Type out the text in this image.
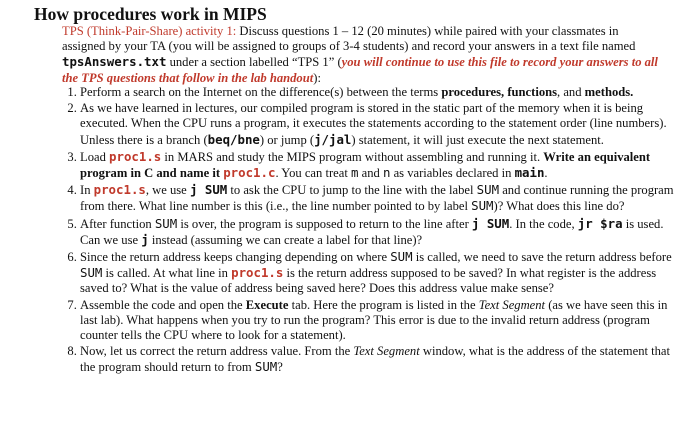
How procedures work in MIPS
TPS (Think-Pair-Share) activity 1: Discuss questions 1 – 12 (20 minutes) while paired with your classmates in assigned by your TA (you will be assigned to groups of 3-4 students) and record your answers in a text file named tpsAnswers.txt under a section labelled “TPS 1” (you will continue to use this file to record your answers to all the TPS questions that follow in the lab handout):
1. Perform a search on the Internet on the difference(s) between the terms procedures, functions, and methods.
2. As we have learned in lectures, our compiled program is stored in the static part of the memory when it is being executed. When the CPU runs a program, it executes the statements according to the statement order (line numbers). Unless there is a branch (beq/bne) or jump (j/jal) statement, it will just execute the next statement.
3. Load proc1.s in MARS and study the MIPS program without assembling and running it. Write an equivalent program in C and name it proc1.c. You can treat m and n as variables declared in main.
4. In proc1.s, we use j SUM to ask the CPU to jump to the line with the label SUM and continue running the program from there. What line number is this (i.e., the line number pointed to by label SUM)? What does this line do?
5. After function SUM is over, the program is supposed to return to the line after j SUM. In the code, jr $ra is used. Can we use j instead (assuming we can create a label for that line)?
6. Since the return address keeps changing depending on where SUM is called, we need to save the return address before SUM is called. At what line in proc1.s is the return address supposed to be saved? In what register is the address saved to? What is the value of address being saved here? Does this address value make sense?
7. Assemble the code and open the Execute tab. Here the program is listed in the Text Segment (as we have seen this in last lab). What happens when you try to run the program? This error is due to the invalid return address (program counter tells the CPU where to look for a statement).
8. Now, let us correct the return address value. From the Text Segment window, what is the address of the statement that the program should return to from SUM?
